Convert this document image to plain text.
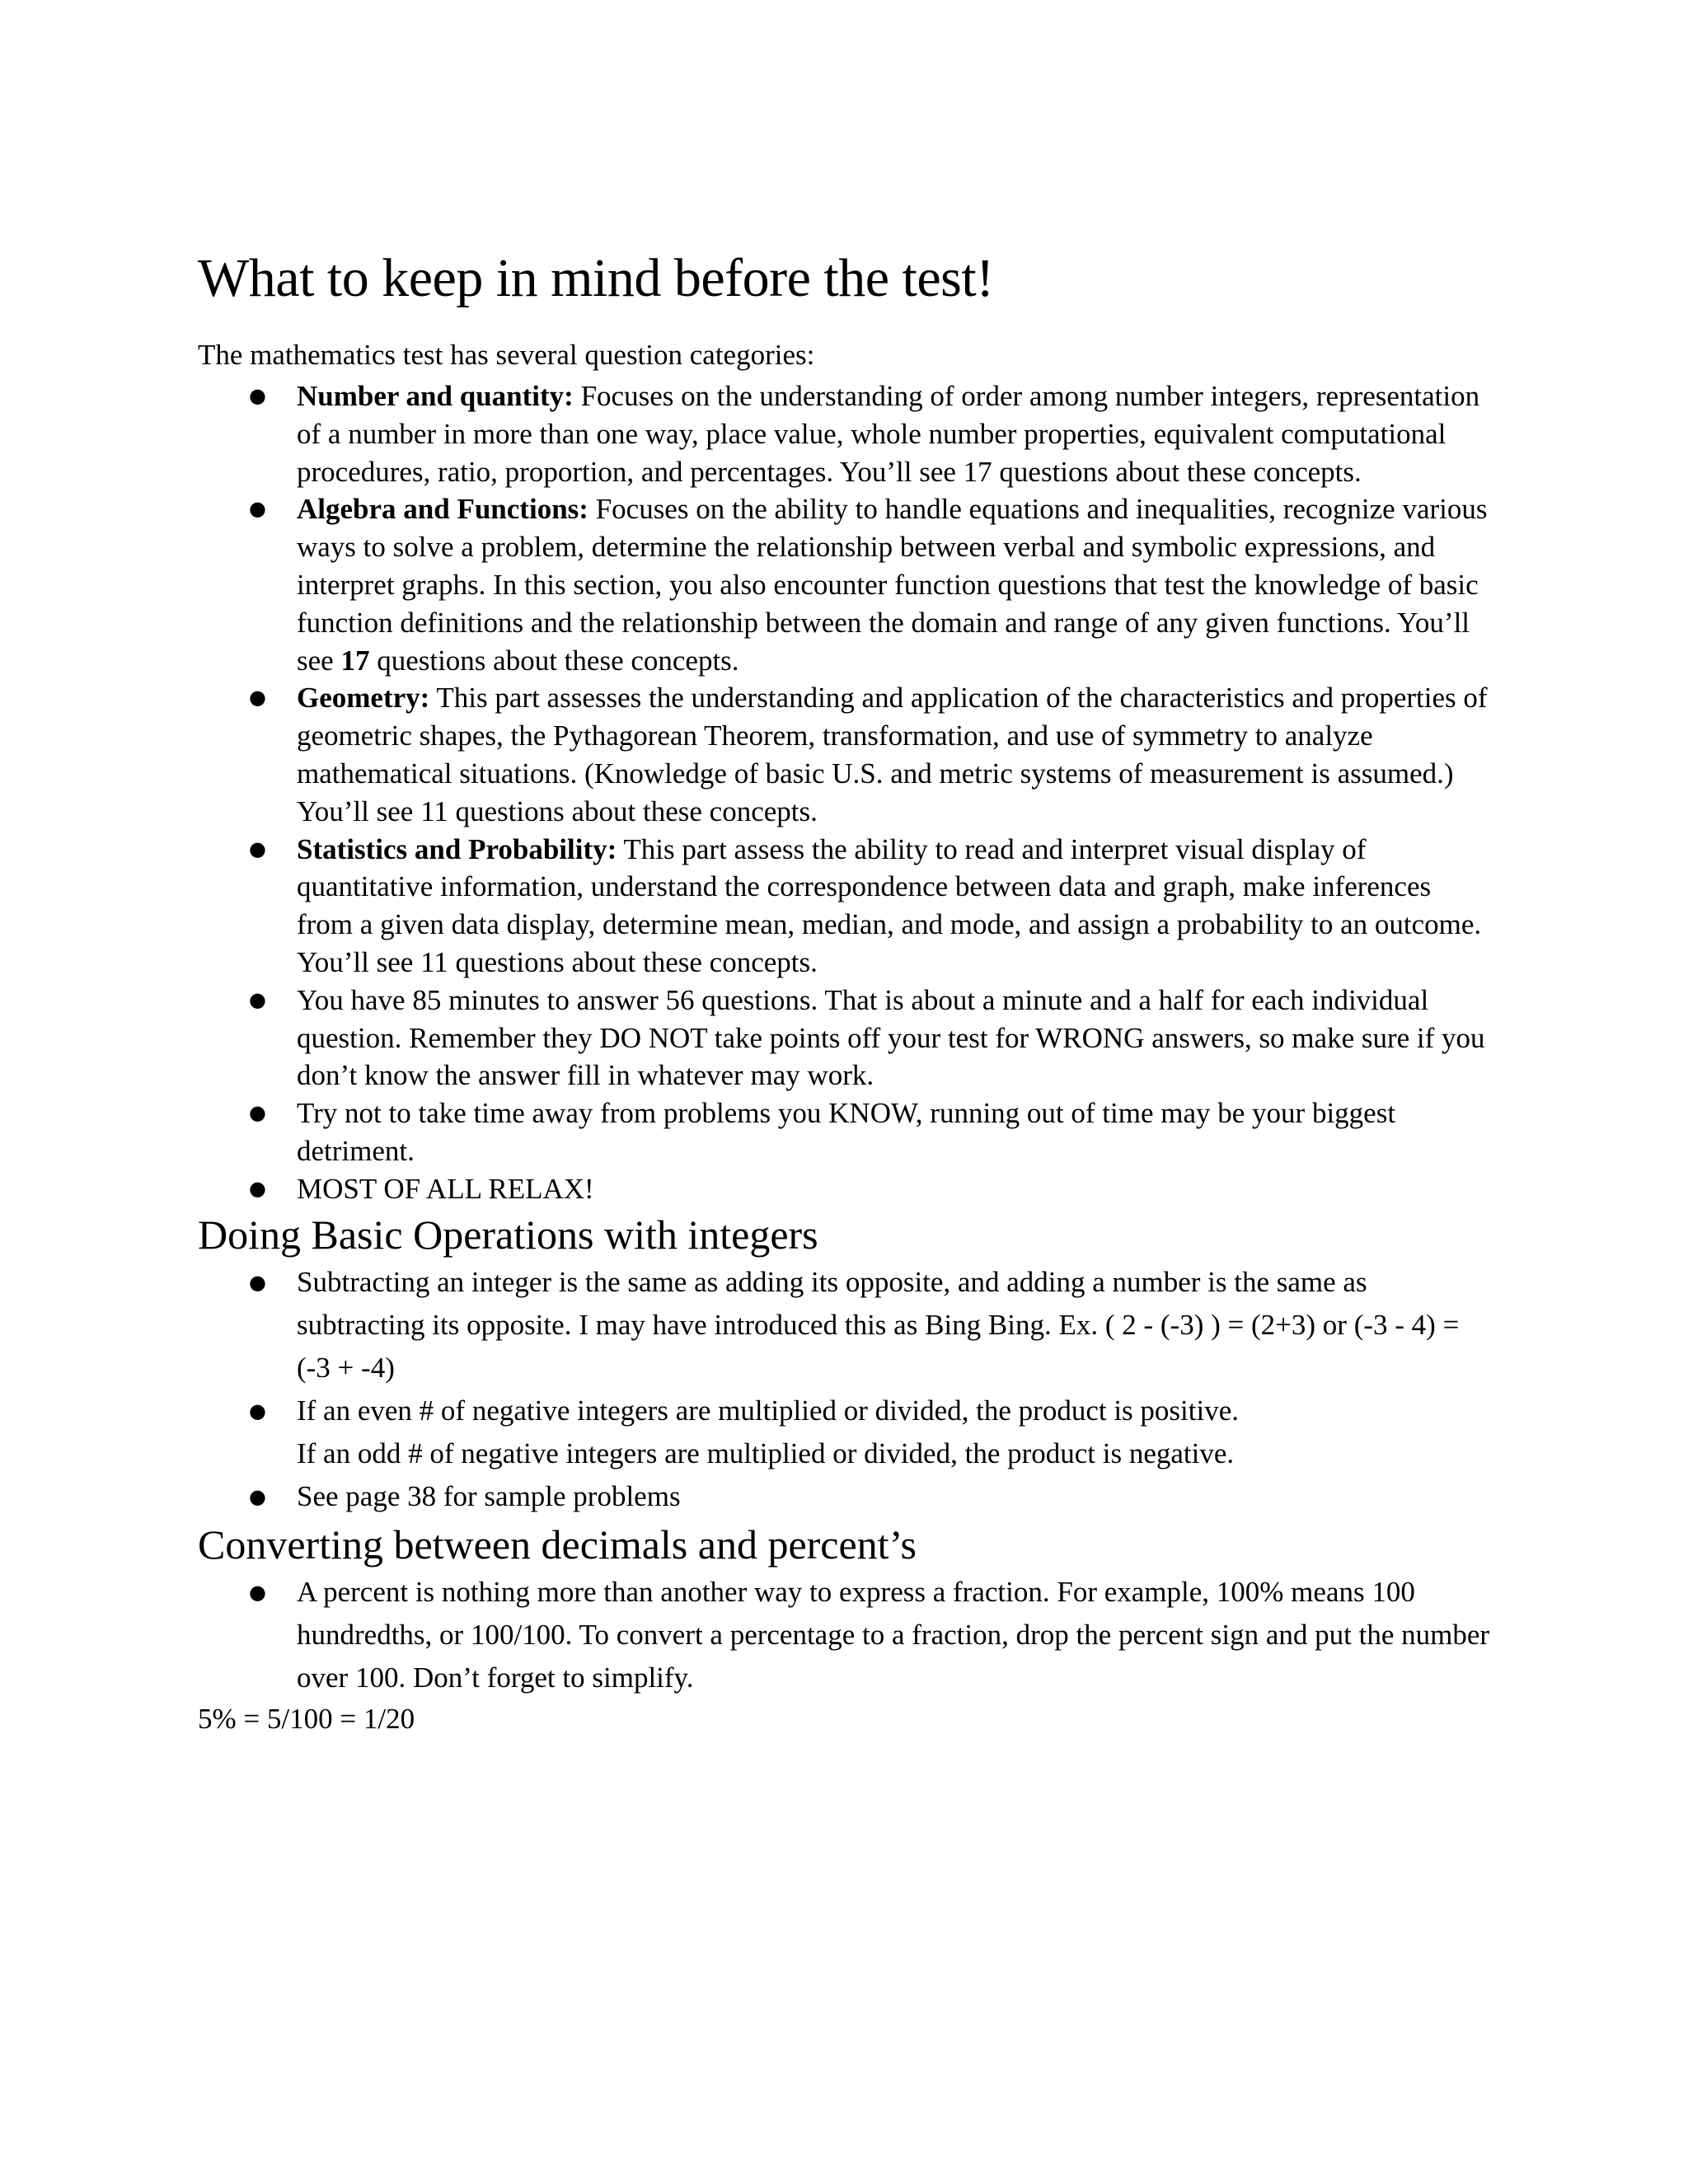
What to keep in mind before the test!

The mathematics test has several question categories:

● Number and quantity: Focuses on the understanding of order among number integers, representation of a number in more than one way, place value, whole number properties, equivalent computational procedures, ratio, proportion, and percentages. You’ll see 17 questions about these concepts.
● Algebra and Functions: Focuses on the ability to handle equations and inequalities, recognize various ways to solve a problem, determine the relationship between verbal and symbolic expressions, and interpret graphs. In this section, you also encounter function questions that test the knowledge of basic function definitions and the relationship between the domain and range of any given functions. You’ll see 17 questions about these concepts.
● Geometry: This part assesses the understanding and application of the characteristics and properties of geometric shapes, the Pythagorean Theorem, transformation, and use of symmetry to analyze mathematical situations. (Knowledge of basic U.S. and metric systems of measurement is assumed.) You’ll see 11 questions about these concepts.
● Statistics and Probability: This part assess the ability to read and interpret visual display of quantitative information, understand the correspondence between data and graph, make inferences from a given data display, determine mean, median, and mode, and assign a probability to an outcome. You’ll see 11 questions about these concepts.
● You have 85 minutes to answer 56 questions. That is about a minute and a half for each individual question. Remember they DO NOT take points off your test for WRONG answers, so make sure if you don’t know the answer fill in whatever may work.
● Try not to take time away from problems you KNOW, running out of time may be your biggest detriment.
● MOST OF ALL RELAX!
Doing Basic Operations with integers
● Subtracting an integer is the same as adding its opposite, and adding a number is the same as subtracting its opposite. I may have introduced this as Bing Bing. Ex. ( 2 - (-3) ) = (2+3) or (-3 - 4) = (-3 + -4)
● If an even # of negative integers are multiplied or divided, the product is positive.
If an odd # of negative integers are multiplied or divided, the product is negative.
● See page 38 for sample problems
Converting between decimals and percent’s
● A percent is nothing more than another way to express a fraction. For example, 100% means 100 hundredths, or 100/100. To convert a percentage to a fraction, drop the percent sign and put the number over 100. Don’t forget to simplify.

5% = 5/100 = 1/20
